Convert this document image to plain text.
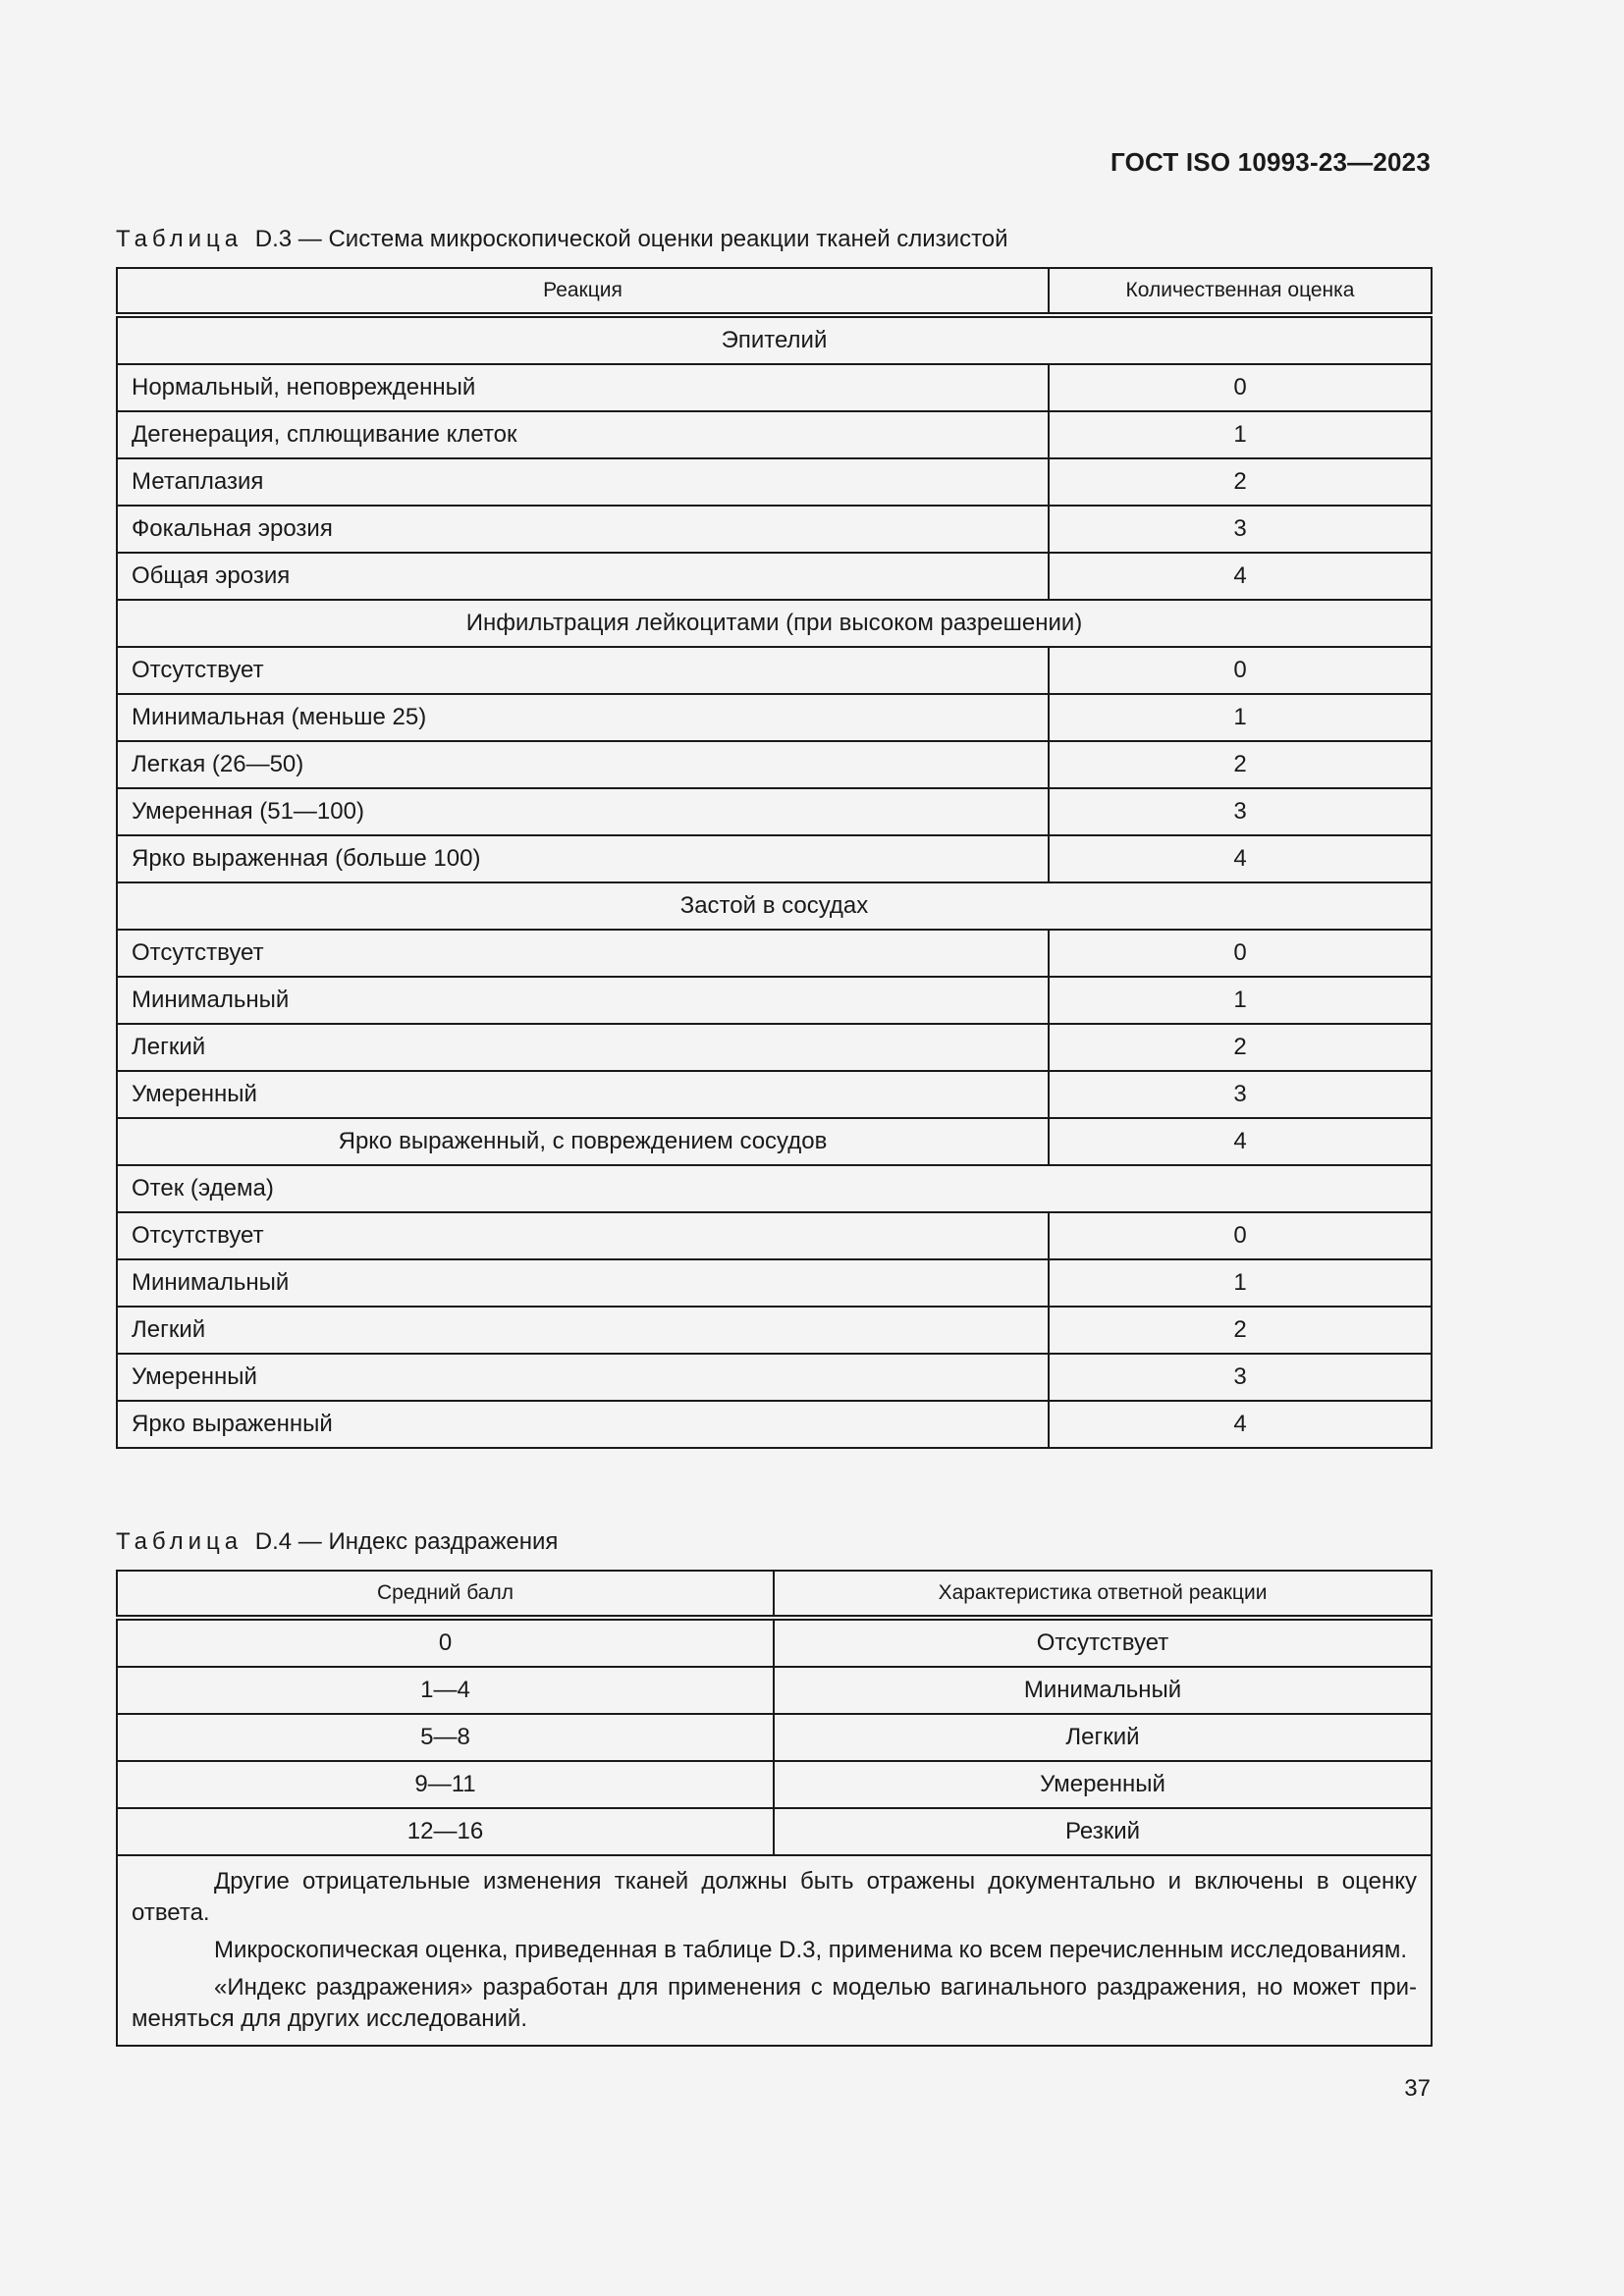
ГОСТ ISO 10993-23—2023
Таблица D.3 — Система микроскопической оценки реакции тканей слизистой
Реакция	Количественная оценка
Эпителий	
Нормальный, неповрежденный	0
Дегенерация, сплющивание клеток	1
Метаплазия	2
Фокальная эрозия	3
Общая эрозия	4
Инфильтрация лейкоцитами (при высоком разрешении)	
Отсутствует	0
Минимальная (меньше 25)	1
Легкая (26—50)	2
Умеренная (51—100)	3
Ярко выраженная (больше 100)	4
Застой в сосудах	
Отсутствует	0
Минимальный	1
Легкий	2
Умеренный	3
Ярко выраженный, с повреждением сосудов	4
Отек (эдема)	
Отсутствует	0
Минимальный	1
Легкий	2
Умеренный	3
Ярко выраженный	4
Таблица D.4 — Индекс раздражения
Средний балл	Характеристика ответной реакции
0	Отсутствует
1—4	Минимальный
5—8	Легкий
9—11	Умеренный
12—16	Резкий

Другие отрицательные изменения тканей должны быть отражены документально и включены в оценку ответа.

Микроскопическая оценка, приведенная в таблице D.3, применима ко всем перечисленным исследованиям.

«Индекс раздражения» разработан для применения с моделью вагинального раздражения, но может применяться для других исследований.	

37
